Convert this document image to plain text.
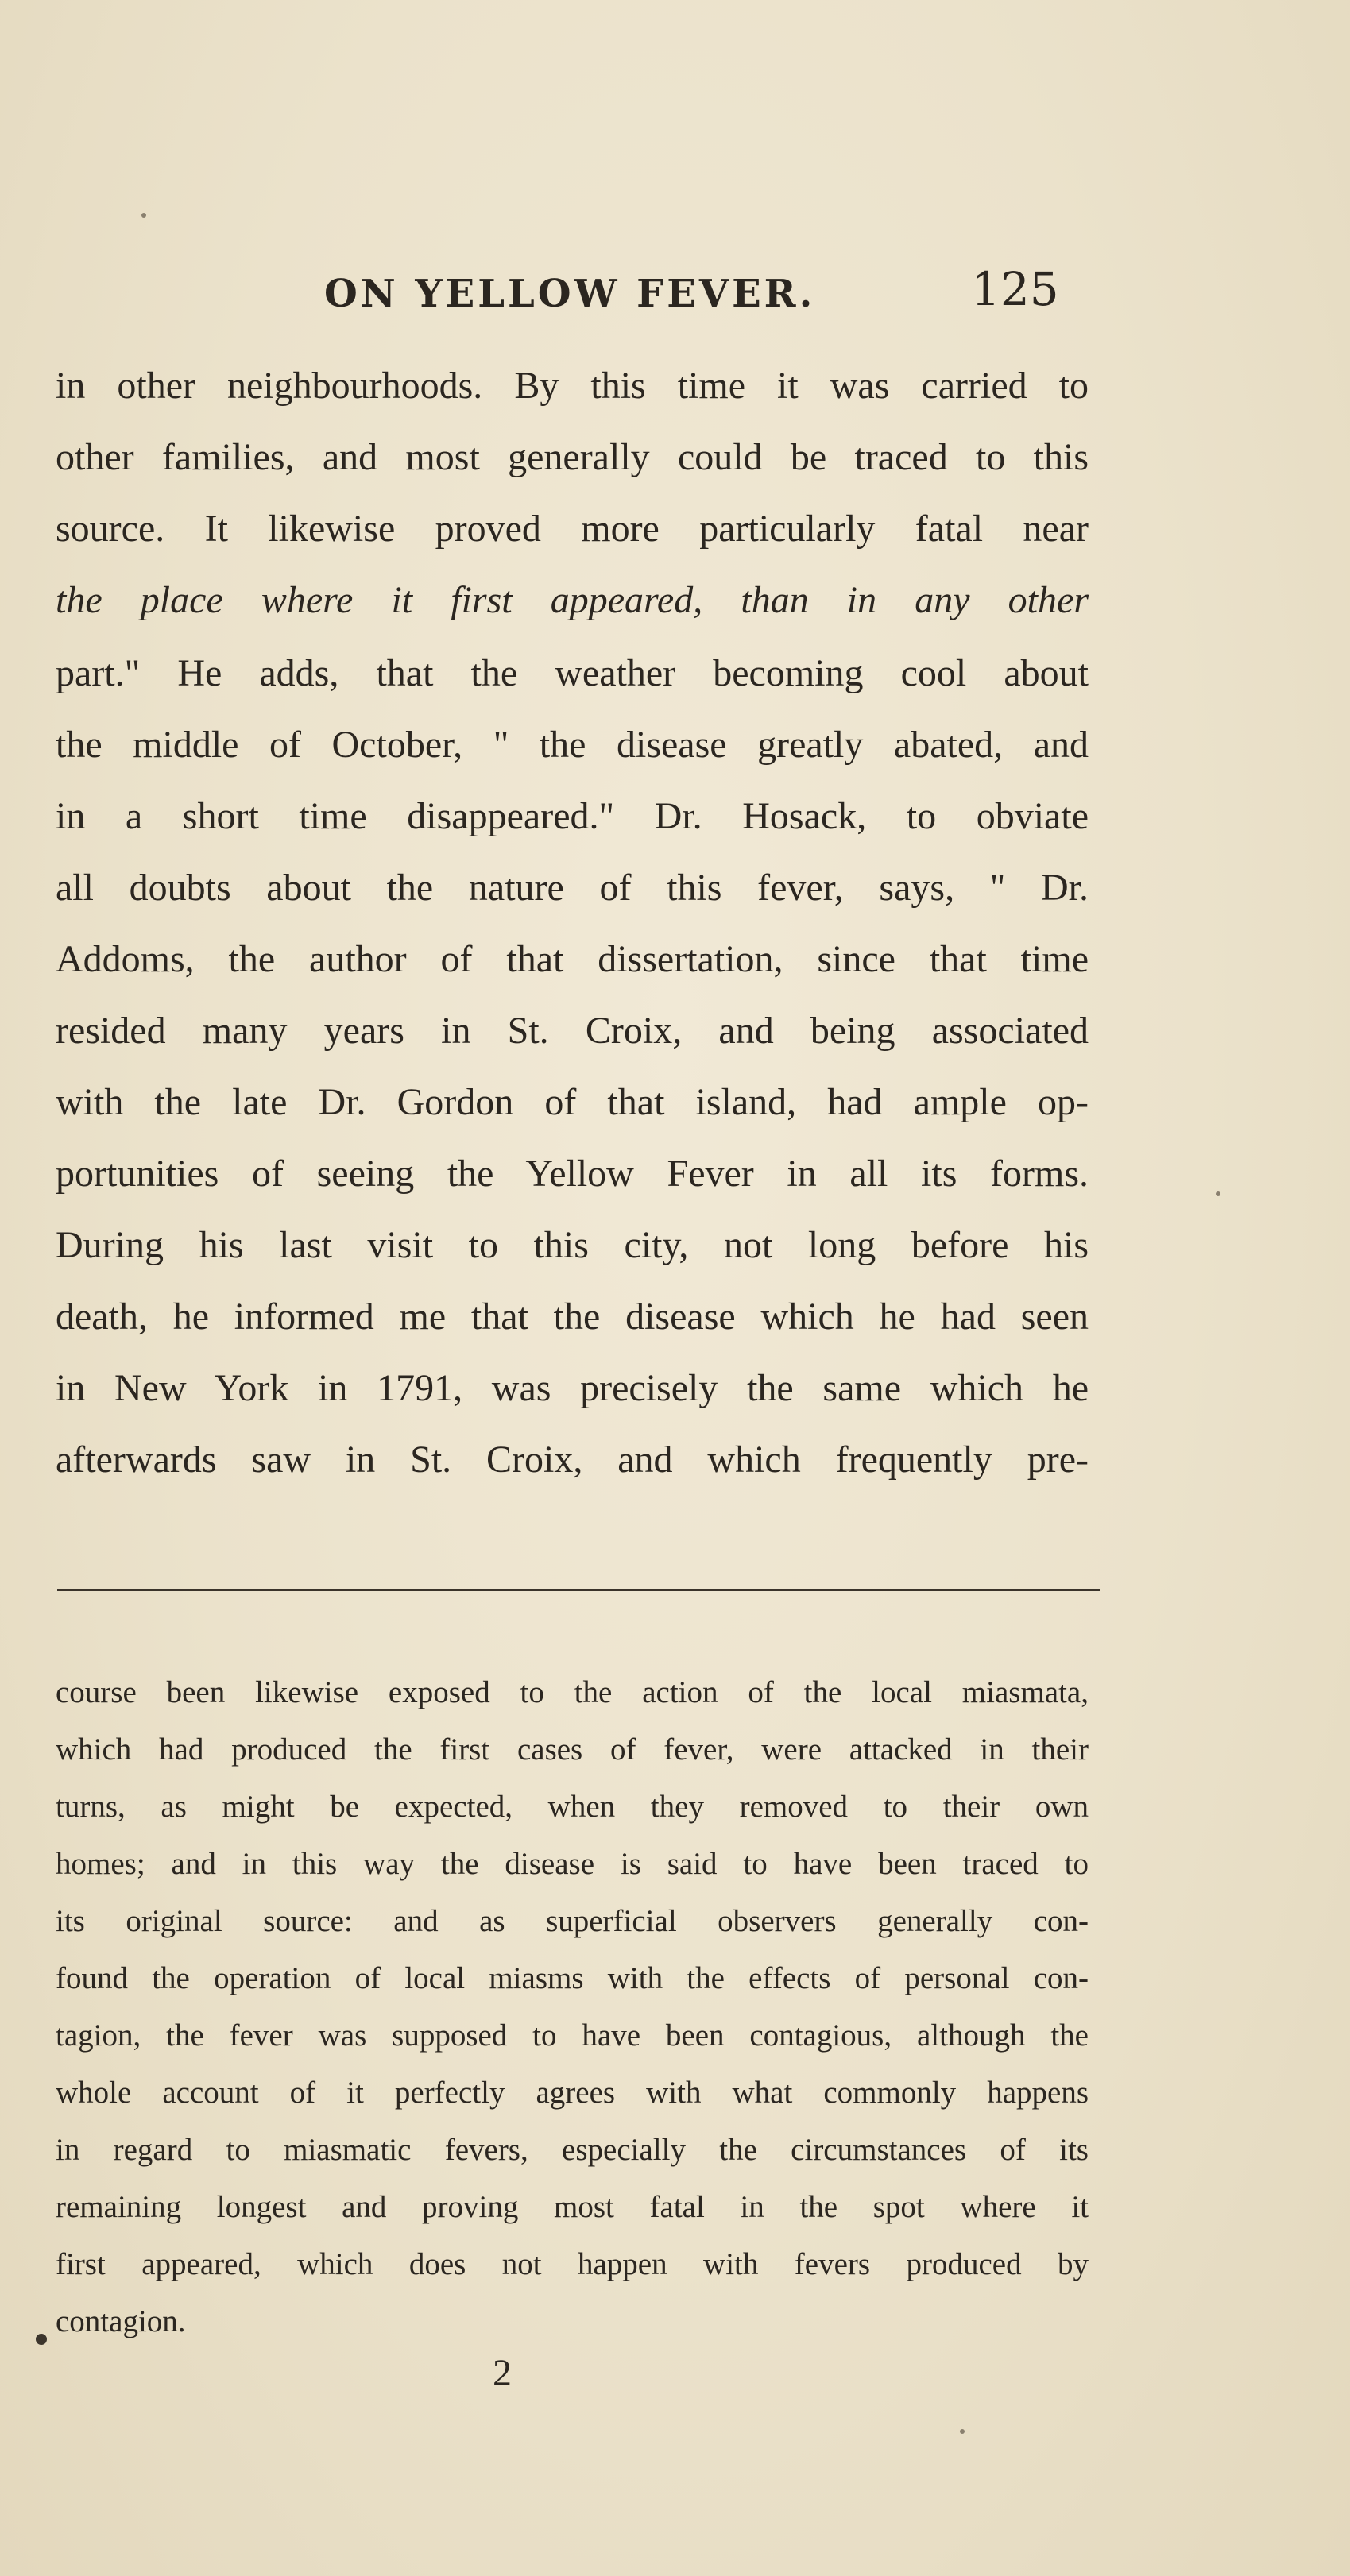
ON YELLOW FEVER.	125
in other neighbourhoods. By this time it was carried to
other families, and most generally could be traced to this
source. It likewise proved more particularly fatal near
the place where it first appeared, than in any other
part." He adds, that the weather becoming cool about
the middle of October, " the disease greatly abated, and
in a short time disappeared." Dr. Hosack, to obviate
all doubts about the nature of this fever, says, " Dr.
Addoms, the author of that dissertation, since that time
resided many years in St. Croix, and being associated
with the late Dr. Gordon of that island, had ample op-
portunities of seeing the Yellow Fever in all its forms.
During his last visit to this city, not long before his
death, he informed me that the disease which he had seen
in New York in 1791, was precisely the same which he
afterwards saw in St. Croix, and which frequently pre-
course been likewise exposed to the action of the local miasmata,
which had produced the first cases of fever, were attacked in their
turns, as might be expected, when they removed to their own
homes; and in this way the disease is said to have been traced to
its original source: and as superficial observers generally con-
found the operation of local miasms with the effects of personal con-
tagion, the fever was supposed to have been contagious, although the
whole account of it perfectly agrees with what commonly happens
in regard to miasmatic fevers, especially the circumstances of its
remaining longest and proving most fatal in the spot where it
first appeared, which does not happen with fevers produced by
contagion.
2
